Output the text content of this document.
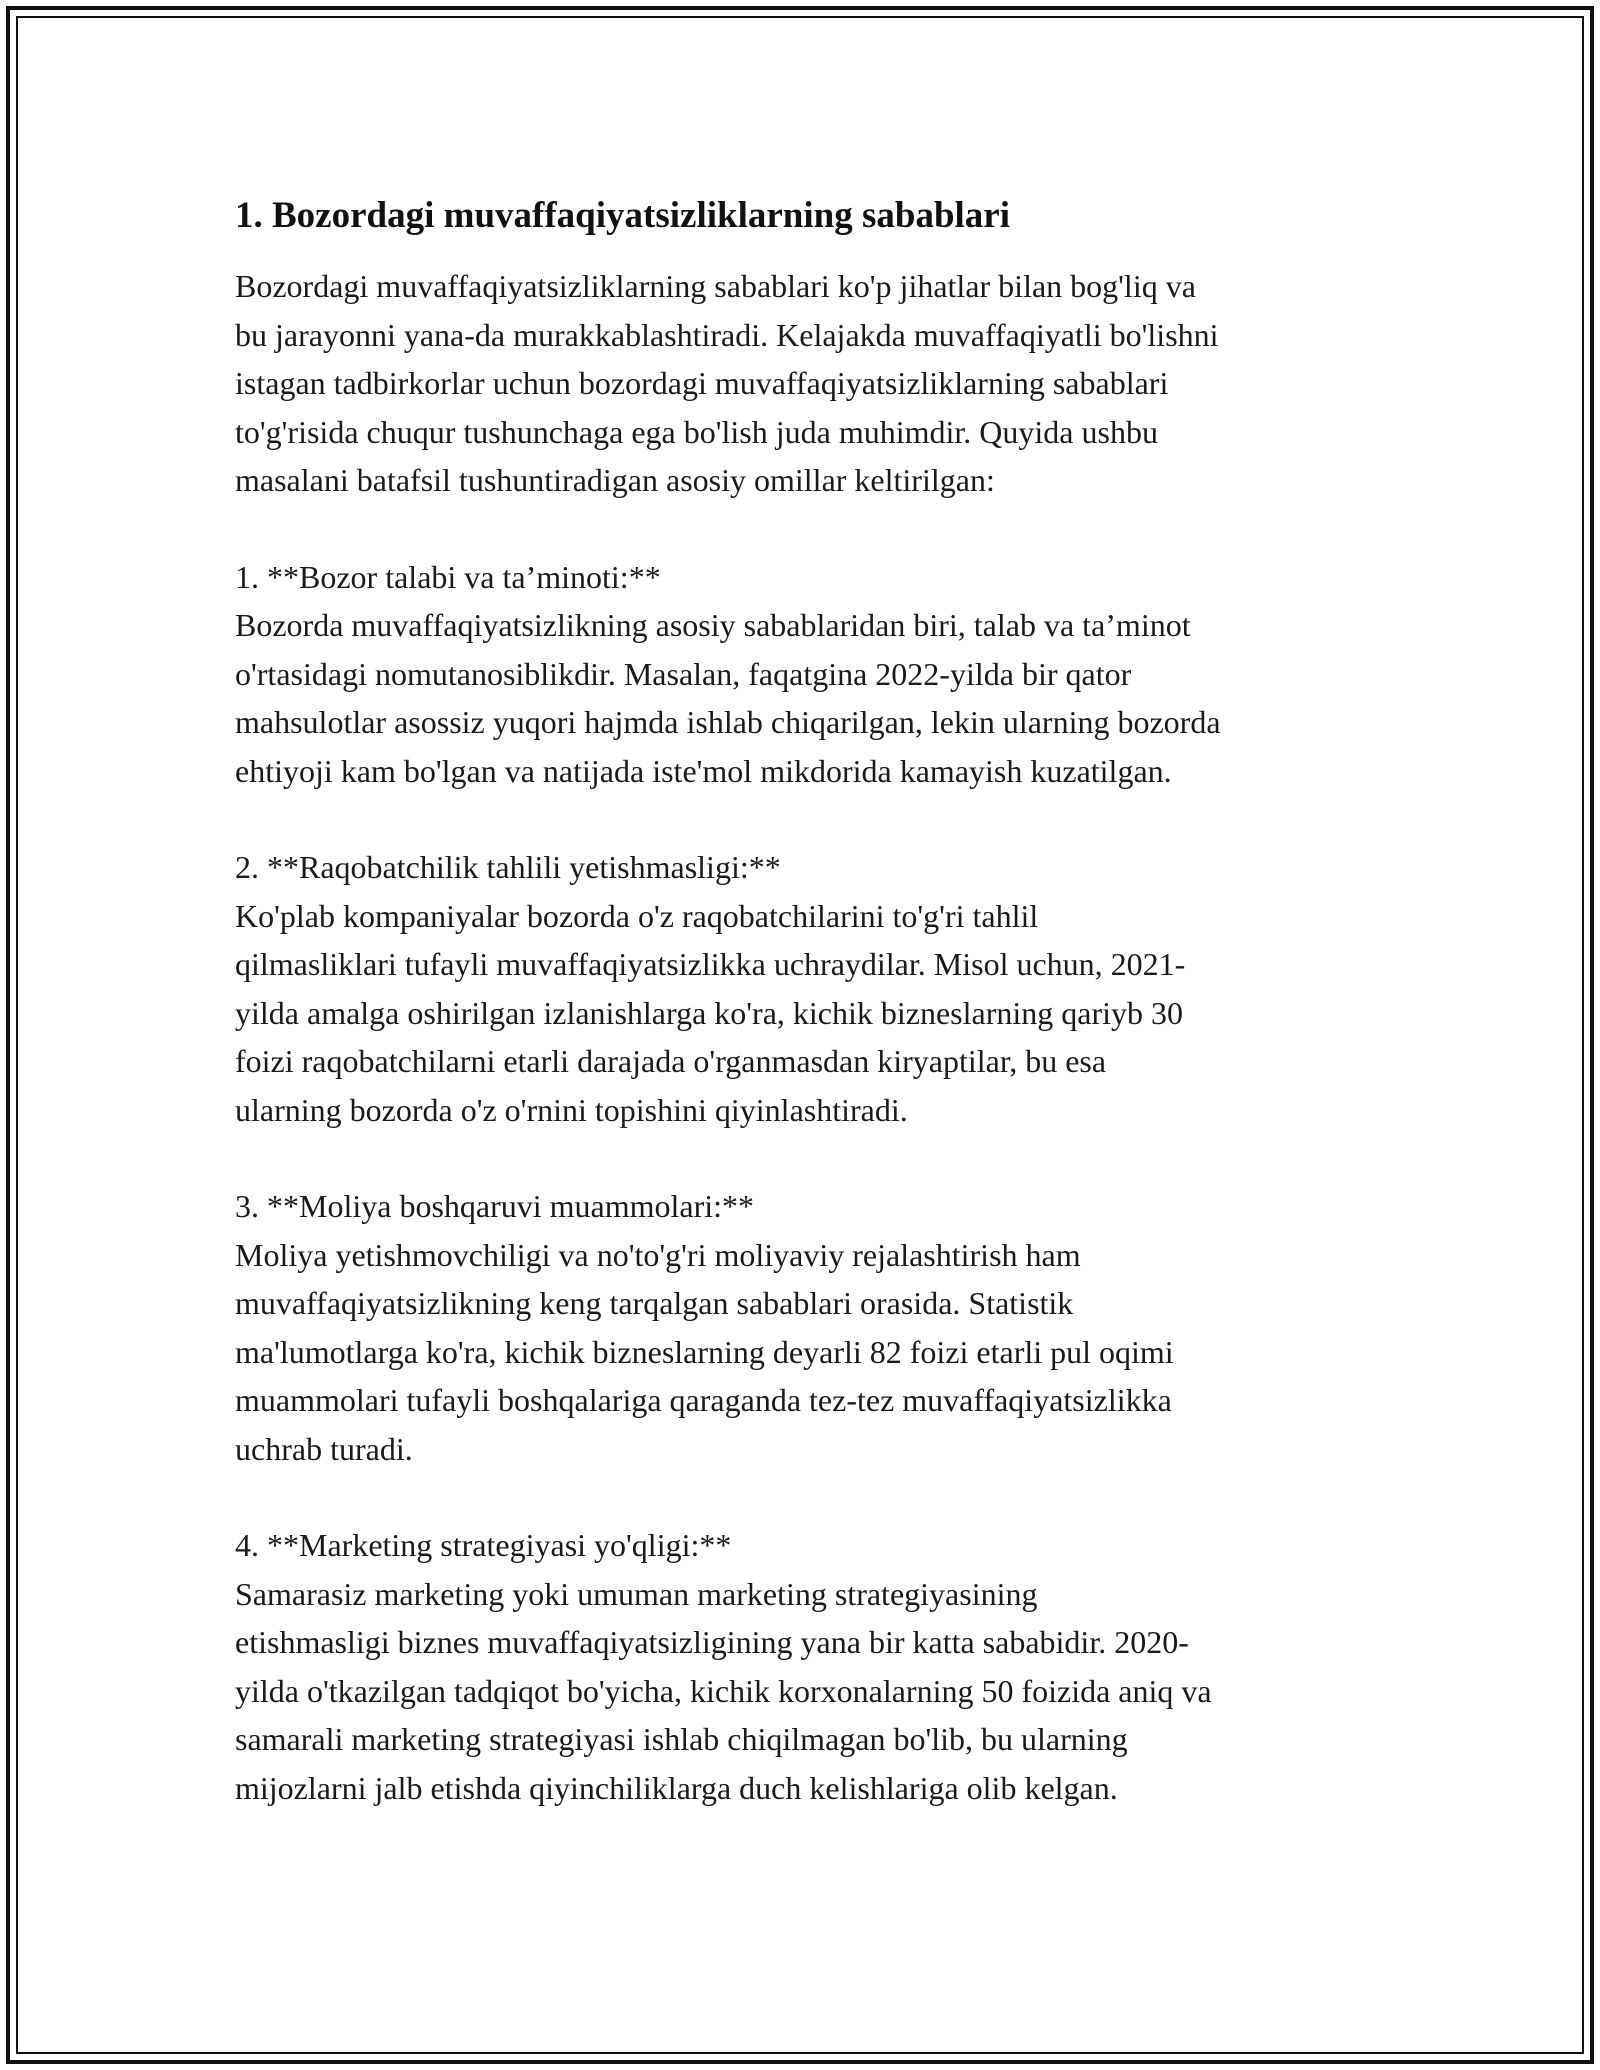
1. Bozordagi muvaffaqiyatsizliklarning sabablari

Bozordagi muvaffaqiyatsizliklarning sabablari ko'p jihatlar bilan bog'liq va
bu jarayonni yana-da murakkablashtiradi. Kelajakda muvaffaqiyatli bo'lishni
istagan tadbirkorlar uchun bozordagi muvaffaqiyatsizliklarning sabablari
to'g'risida chuqur tushunchaga ega bo'lish juda muhimdir. Quyida ushbu
masalani batafsil tushuntiradigan asosiy omillar keltirilgan:

1. **Bozor talabi va ta’minoti:**

Bozorda muvaffaqiyatsizlikning asosiy sabablaridan biri, talab va ta’minot
o'rtasidagi nomutanosiblikdir. Masalan, faqatgina 2022-yilda bir qator
mahsulotlar asossiz yuqori hajmda ishlab chiqarilgan, lekin ularning bozorda
ehtiyoji kam bo'lgan va natijada iste'mol mikdorida kamayish kuzatilgan.

2. **Raqobatchilik tahlili yetishmasligi:**

Ko'plab kompaniyalar bozorda o'z raqobatchilarini to'g'ri tahlil
qilmasliklari tufayli muvaffaqiyatsizlikka uchraydilar. Misol uchun, 2021-
yilda amalga oshirilgan izlanishlarga ko'ra, kichik bizneslarning qariyb 30
foizi raqobatchilarni etarli darajada o'rganmasdan kiryaptilar, bu esa
ularning bozorda o'z o'rnini topishini qiyinlashtiradi.

3. **Moliya boshqaruvi muammolari:**

Moliya yetishmovchiligi va no'to'g'ri moliyaviy rejalashtirish ham
muvaffaqiyatsizlikning keng tarqalgan sabablari orasida. Statistik
ma'lumotlarga ko'ra, kichik bizneslarning deyarli 82 foizi etarli pul oqimi
muammolari tufayli boshqalariga qaraganda tez-tez muvaffaqiyatsizlikka
uchrab turadi.

4. **Marketing strategiyasi yo'qligi:**

Samarasiz marketing yoki umuman marketing strategiyasining
etishmasligi biznes muvaffaqiyatsizligining yana bir katta sababidir. 2020-
yilda o'tkazilgan tadqiqot bo'yicha, kichik korxonalarning 50 foizida aniq va
samarali marketing strategiyasi ishlab chiqilmagan bo'lib, bu ularning
mijozlarni jalb etishda qiyinchiliklarga duch kelishlariga olib kelgan.
